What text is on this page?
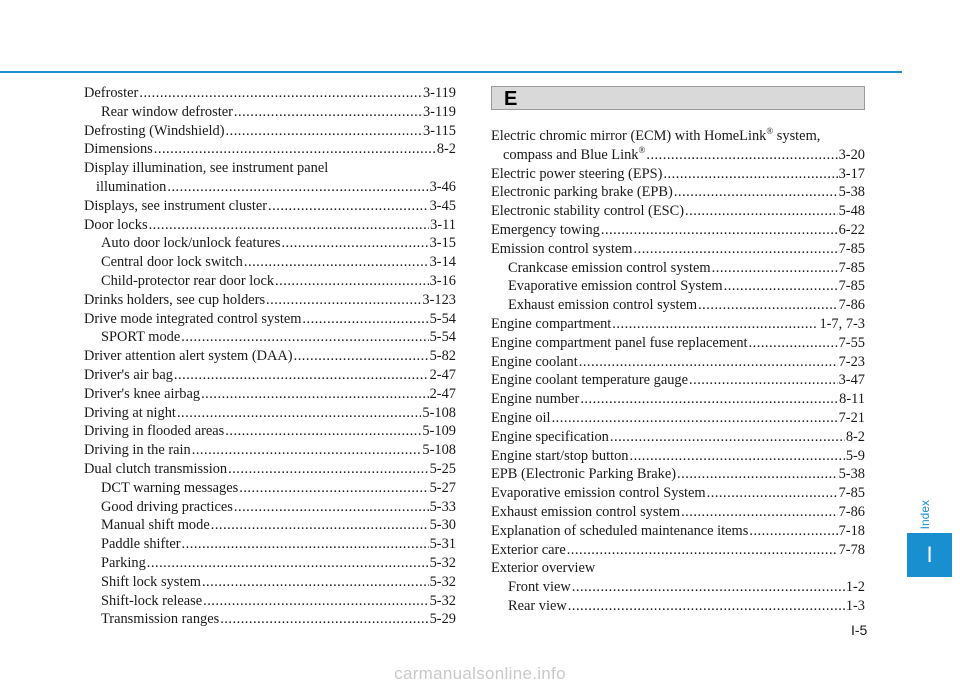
Defroster .....	3-119
Rear window defroster .....	3-119
Defrosting (Windshield) .....	3-115
Dimensions .....	8-2
Display illumination, see instrument panel
illumination .....	3-46
Displays, see instrument cluster .....	3-45
Door locks .....	3-11
Auto door lock/unlock features .....	3-15
Central door lock switch .....	3-14
Child-protector rear door lock .....	3-16
Drinks holders, see cup holders .....	3-123
Drive mode integrated control system .....	5-54
SPORT mode .....	5-54
Driver attention alert system (DAA) .....	5-82
Driver's air bag .....	2-47
Driver's knee airbag .....	2-47
Driving at night .....	5-108
Driving in flooded areas .....	5-109
Driving in the rain .....	5-108
Dual clutch transmission .....	5-25
DCT warning messages .....	5-27
Good driving practices .....	5-33
Manual shift mode .....	5-30
Paddle shifter .....	5-31
Parking .....	5-32
Shift lock system .....	5-32
Shift-lock release .....	5-32
Transmission ranges .....	5-29
E
Electric chromic mirror (ECM) with HomeLink® system,
compass and Blue Link® .....	3-20
Electric power steering (EPS) .....	3-17
Electronic parking brake (EPB) .....	5-38
Electronic stability control (ESC) .....	5-48
Emergency towing .....	6-22
Emission control system .....	7-85
Crankcase emission control system .....	7-85
Evaporative emission control System .....	7-85
Exhaust emission control system .....	7-86
Engine compartment .....	1-7, 7-3
Engine compartment panel fuse replacement .....	7-55
Engine coolant .....	7-23
Engine coolant temperature gauge .....	3-47
Engine number .....	8-11
Engine oil .....	7-21
Engine specification .....	8-2
Engine start/stop button .....	5-9
EPB (Electronic Parking Brake) .....	5-38
Evaporative emission control System .....	7-85
Exhaust emission control system .....	7-86
Explanation of scheduled maintenance items .....	7-18
Exterior care .....	7-78
Exterior overview
Front view .....	1-2
Rear view .....	1-3
Index
I
I-5
carmanualsonline.info
